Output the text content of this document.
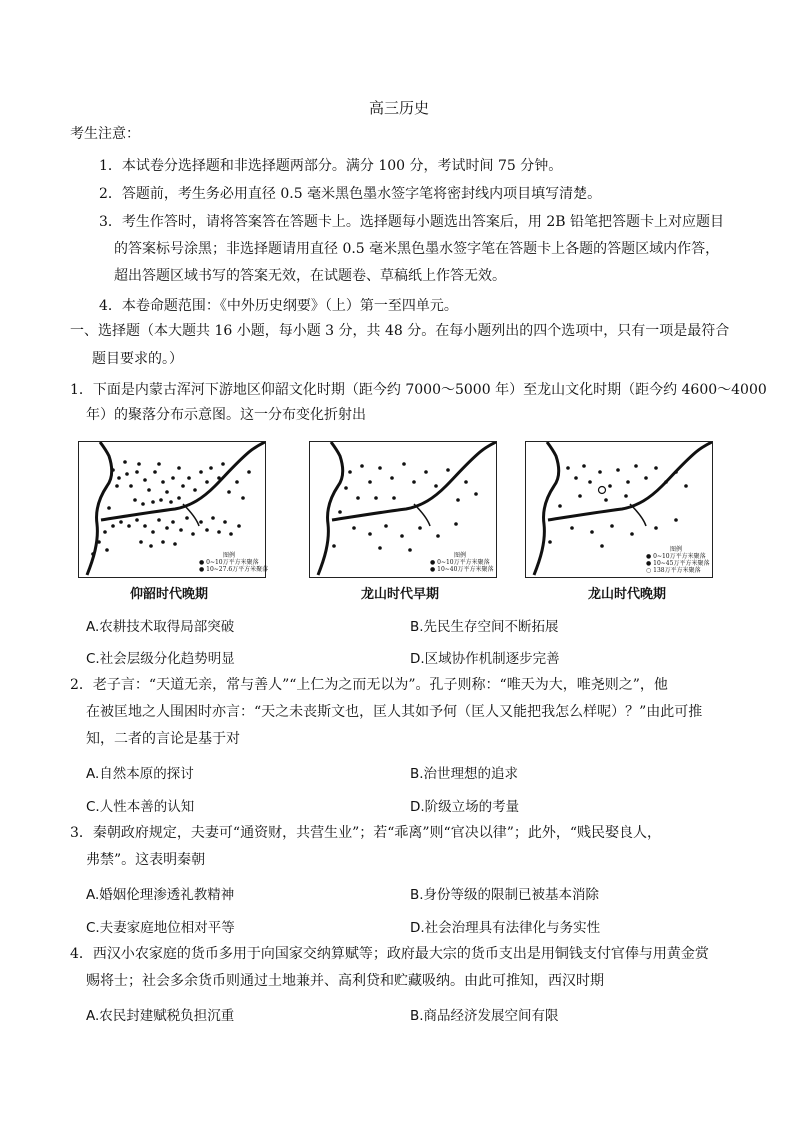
高三历史
考生注意：
1．本试卷分选择题和非选择题两部分。满分 100 分，考试时间 75 分钟。
2．答题前，考生务必用直径 0.5 毫米黑色墨水签字笔将密封线内项目填写清楚。
3．考生作答时，请将答案答在答题卡上。选择题每小题选出答案后，用 2B 铅笔把答题卡上对应题目
的答案标号涂黑；非选择题请用直径 0.5 毫米黑色墨水签字笔在答题卡上各题的答题区域内作答，
超出答题区域书写的答案无效，在试题卷、草稿纸上作答无效。
4．本卷命题范围：《中外历史纲要》（上）第一至四单元。
一、选择题（本大题共 16 小题，每小题 3 分，共 48 分。在每小题列出的四个选项中，只有一项是最符合
题目要求的。）
1．下面是内蒙古浑河下游地区仰韶文化时期（距今约 7000～5000 年）至龙山文化时期（距今约 4600～4000
年）的聚落分布示意图。这一分布变化折射出
图例
● 0~10万平方米聚落
● 10~27.6万平方米聚落
仰韶时代晚期
图例
● 0~10万平方米聚落
● 10~40万平方米聚落
龙山时代早期
图例
● 0~10万平方米聚落
● 10~45万平方米聚落
○ 138万平方米聚落
龙山时代晚期
A.农耕技术取得局部突破	B.先民生存空间不断拓展
C.社会层级分化趋势明显	D.区域协作机制逐步完善
2．老子言：“天道无亲，常与善人”“上仁为之而无以为”。孔子则称：“唯天为大，唯尧则之”，他
在被匡地之人围困时亦言：“天之未丧斯文也，匡人其如予何（匡人又能把我怎么样呢）？”由此可推
知，二者的言论是基于对
A.自然本原的探讨	B.治世理想的追求
C.人性本善的认知	D.阶级立场的考量
3．秦朝政府规定，夫妻可“通资财，共营生业”；若“乖离”则“官决以律”；此外，“贱民娶良人，
弗禁”。这表明秦朝
A.婚姻伦理渗透礼教精神	B.身份等级的限制已被基本消除
C.夫妻家庭地位相对平等	D.社会治理具有法律化与务实性
4．西汉小农家庭的货币多用于向国家交纳算赋等；政府最大宗的货币支出是用铜钱支付官俸与用黄金赏
赐将士；社会多余货币则通过土地兼并、高利贷和贮藏吸纳。由此可推知，西汉时期
A.农民封建赋税负担沉重	B.商品经济发展空间有限
